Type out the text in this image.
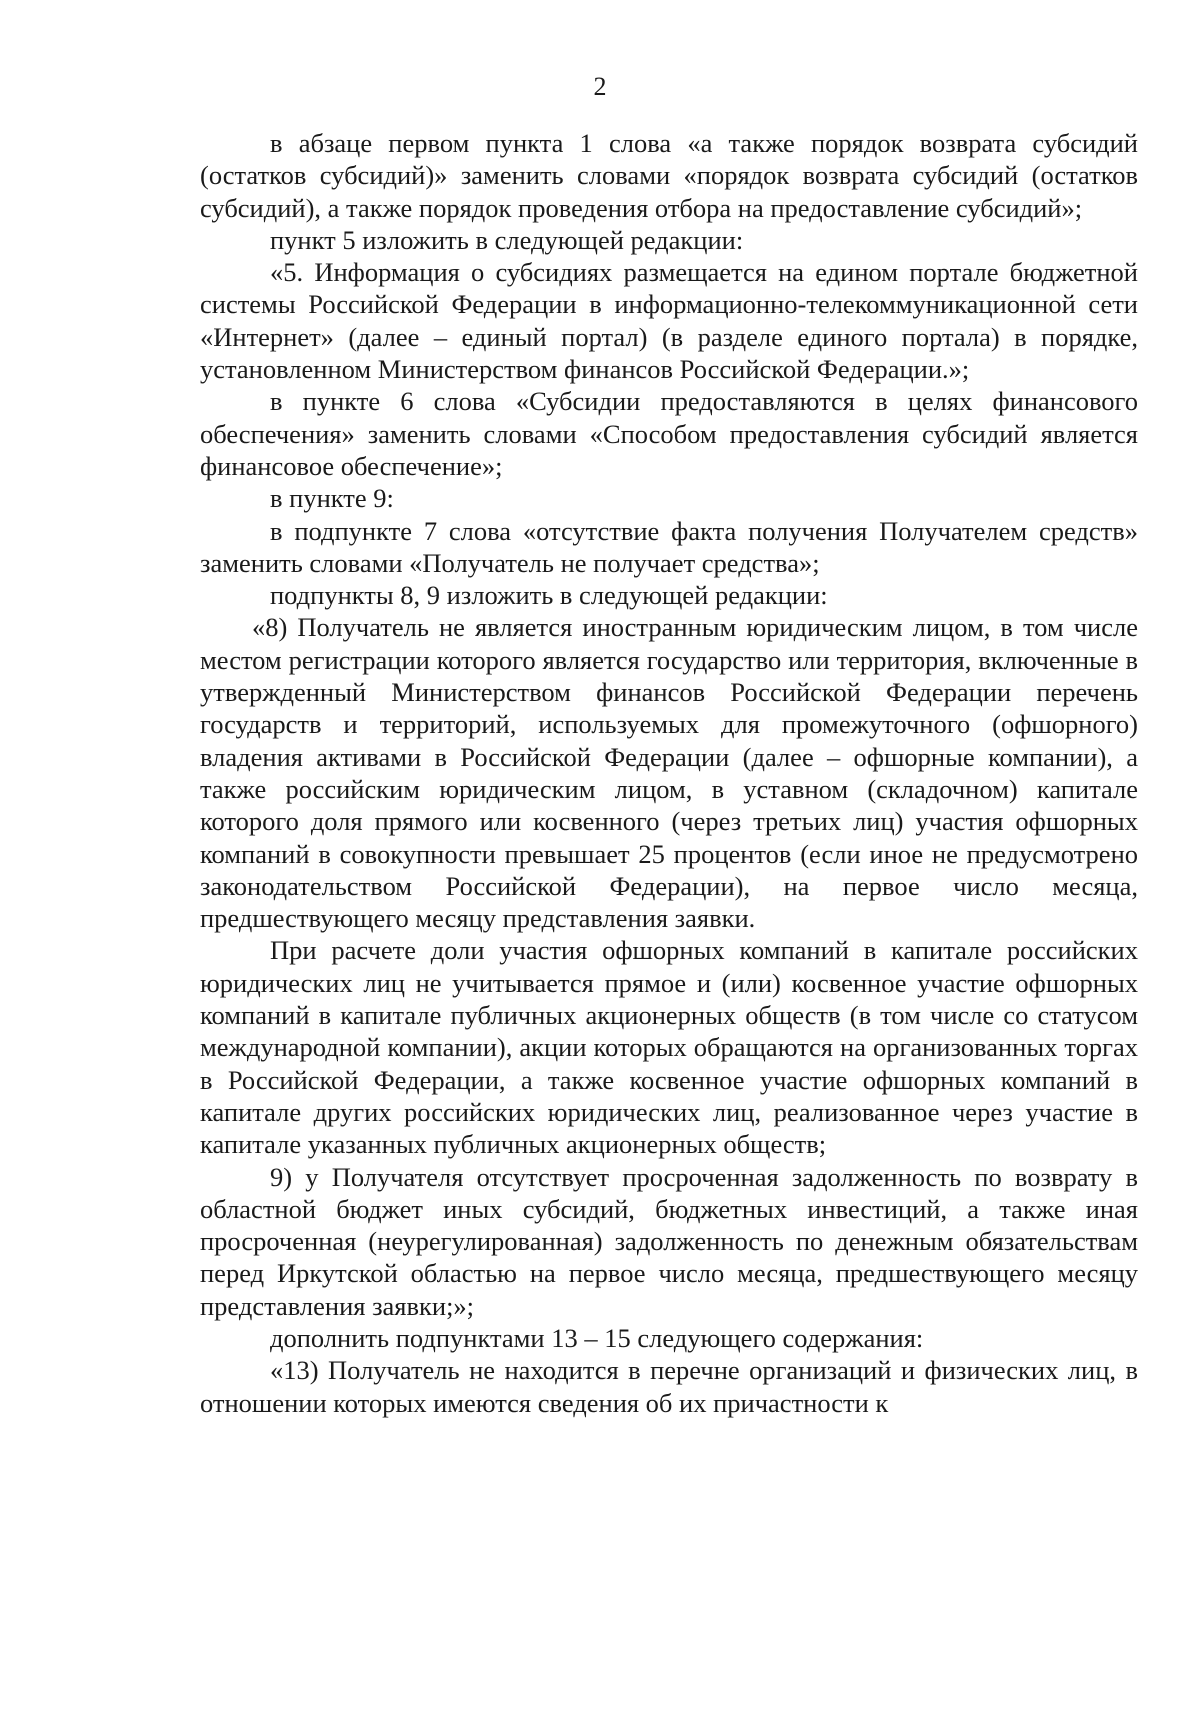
2

в абзаце первом пункта 1 слова «а также порядок возврата субсидий (остатков субсидий)» заменить словами «порядок возврата субсидий (остатков субсидий), а также порядок проведения отбора на предоставление субсидий»;

пункт 5 изложить в следующей редакции:

«5. Информация о субсидиях размещается на едином портале бюджетной системы Российской Федерации в информационно-телекоммуникационной сети «Интернет» (далее – единый портал) (в разделе единого портала) в порядке, установленном Министерством финансов Российской Федерации.»;

в пункте 6 слова «Субсидии предоставляются в целях финансового обеспечения» заменить словами «Способом предоставления субсидий является финансовое обеспечение»;

в пункте 9:

в подпункте 7 слова «отсутствие факта получения Получателем средств» заменить словами «Получатель не получает средства»;

подпункты 8, 9 изложить в следующей редакции:

«8) Получатель не является иностранным юридическим лицом, в том числе местом регистрации которого является государство или территория, включенные в утвержденный Министерством финансов Российской Федерации перечень государств и территорий, используемых для промежуточного (офшорного) владения активами в Российской Федерации (далее – офшорные компании), а также российским юридическим лицом, в уставном (складочном) капитале которого доля прямого или косвенного (через третьих лиц) участия офшорных компаний в совокупности превышает 25 процентов (если иное не предусмотрено законодательством Российской Федерации), на первое число месяца, предшествующего месяцу представления заявки.

При расчете доли участия офшорных компаний в капитале российских юридических лиц не учитывается прямое и (или) косвенное участие офшорных компаний в капитале публичных акционерных обществ (в том числе со статусом международной компании), акции которых обращаются на организованных торгах в Российской Федерации, а также косвенное участие офшорных компаний в капитале других российских юридических лиц, реализованное через участие в капитале указанных публичных акционерных обществ;

9) у Получателя отсутствует просроченная задолженность по возврату в областной бюджет иных субсидий, бюджетных инвестиций, а также иная просроченная (неурегулированная) задолженность по денежным обязательствам перед Иркутской областью на первое число месяца, предшествующего месяцу представления заявки;»;

дополнить подпунктами 13 – 15 следующего содержания:

«13) Получатель не находится в перечне организаций и физических лиц, в отношении которых имеются сведения об их причастности к
